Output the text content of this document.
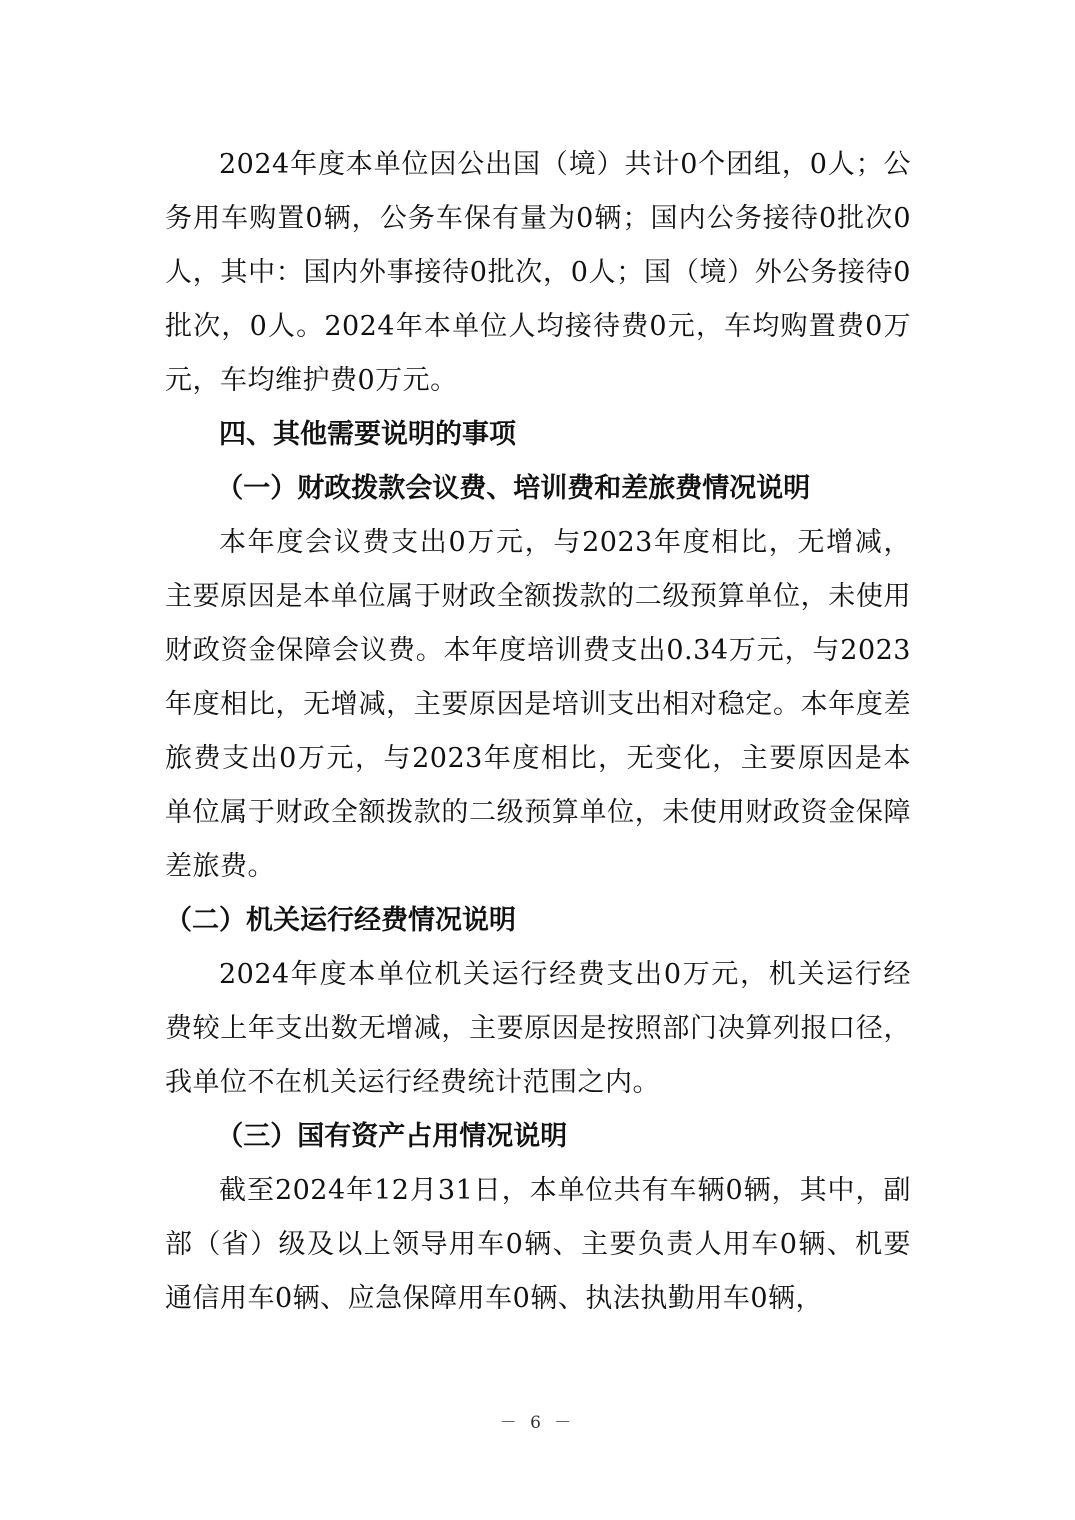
2024年度本单位因公出国（境）共计0个团组，0人；公务用车购置0辆，公务车保有量为0辆；国内公务接待0批次0人，其中：国内外事接待0批次，0人；国（境）外公务接待0批次，0人。2024年本单位人均接待费0元，车均购置费0万元，车均维护费0万元。

四、其他需要说明的事项

（一）财政拨款会议费、培训费和差旅费情况说明

本年度会议费支出0万元，与2023年度相比，无增减，主要原因是本单位属于财政全额拨款的二级预算单位，未使用财政资金保障会议费。本年度培训费支出0.34万元，与2023年度相比，无增减，主要原因是培训支出相对稳定。本年度差旅费支出0万元，与2023年度相比，无变化，主要原因是本单位属于财政全额拨款的二级预算单位，未使用财政资金保障差旅费。

（二）机关运行经费情况说明

2024年度本单位机关运行经费支出0万元，机关运行经费较上年支出数无增减，主要原因是按照部门决算列报口径，我单位不在机关运行经费统计范围之内。

（三）国有资产占用情况说明

截至2024年12月31日，本单位共有车辆0辆，其中，副部（省）级及以上领导用车0辆、主要负责人用车0辆、机要通信用车0辆、应急保障用车0辆、执法执勤用车0辆，

－ 6 －
